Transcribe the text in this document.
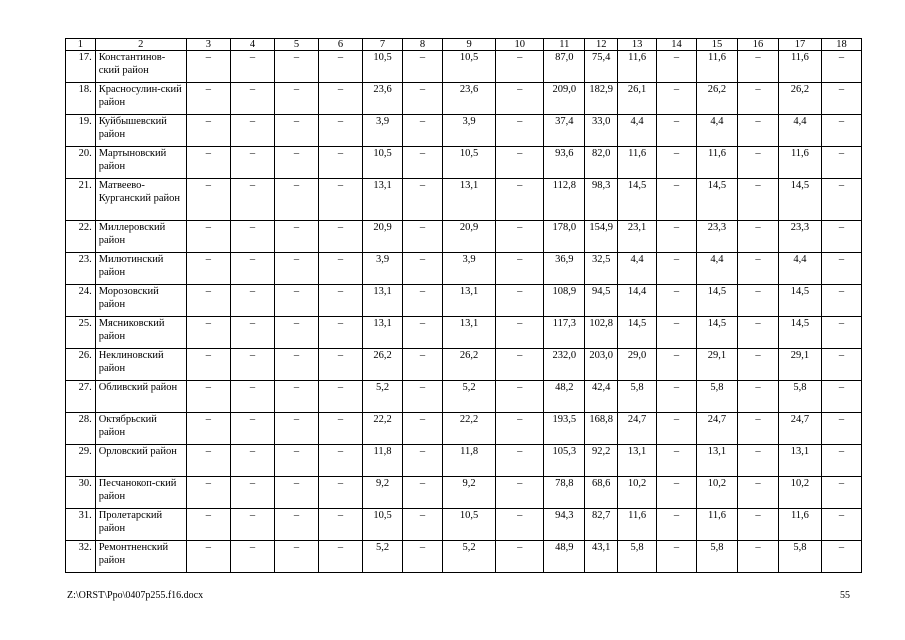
1	2	3	4	5	6	7	8	9	10	11	12	13	14	15	16	17	18
17.	Константинов-ский район	–	–	–	–	10,5	–	10,5	–	87,0	75,4	11,6	–	11,6	–	11,6	–
18.	Красносулин-ский район	–	–	–	–	23,6	–	23,6	–	209,0	182,9	26,1	–	26,2	–	26,2	–
19.	Куйбышевский район	–	–	–	–	3,9	–	3,9	–	37,4	33,0	4,4	–	4,4	–	4,4	–
20.	Мартыновский район	–	–	–	–	10,5	–	10,5	–	93,6	82,0	11,6	–	11,6	–	11,6	–
21.	Матвеево-Курганский район	–	–	–	–	13,1	–	13,1	–	112,8	98,3	14,5	–	14,5	–	14,5	–
22.	Миллеровский район	–	–	–	–	20,9	–	20,9	–	178,0	154,9	23,1	–	23,3	–	23,3	–
23.	Милютинский район	–	–	–	–	3,9	–	3,9	–	36,9	32,5	4,4	–	4,4	–	4,4	–
24.	Морозовский район	–	–	–	–	13,1	–	13,1	–	108,9	94,5	14,4	–	14,5	–	14,5	–
25.	Мясниковский район	–	–	–	–	13,1	–	13,1	–	117,3	102,8	14,5	–	14,5	–	14,5	–
26.	Неклиновский район	–	–	–	–	26,2	–	26,2	–	232,0	203,0	29,0	–	29,1	–	29,1	–
27.	Обливский район	–	–	–	–	5,2	–	5,2	–	48,2	42,4	5,8	–	5,8	–	5,8	–
28.	Октябрьский район	–	–	–	–	22,2	–	22,2	–	193,5	168,8	24,7	–	24,7	–	24,7	–
29.	Орловский район	–	–	–	–	11,8	–	11,8	–	105,3	92,2	13,1	–	13,1	–	13,1	–
30.	Песчанокоп-ский район	–	–	–	–	9,2	–	9,2	–	78,8	68,6	10,2	–	10,2	–	10,2	–
31.	Пролетарский район	–	–	–	–	10,5	–	10,5	–	94,3	82,7	11,6	–	11,6	–	11,6	–
32.	Ремонтненский район	–	–	–	–	5,2	–	5,2	–	48,9	43,1	5,8	–	5,8	–	5,8	–
Z:\ORST\Ppo\0407p255.f16.docx	55
